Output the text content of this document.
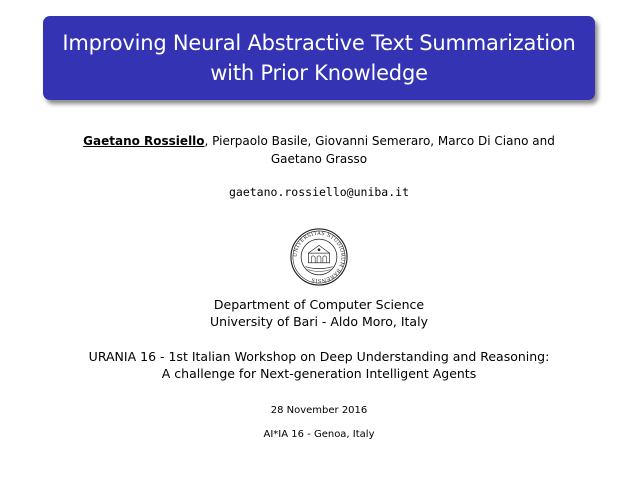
Improving Neural Abstractive Text Summarization
with Prior Knowledge
Gaetano Rossiello, Pierpaolo Basile, Giovanni Semeraro, Marco Di Ciano and
Gaetano Grasso
gaetano.rossiello@uniba.it
UNIVERSITAS STUDIORUM BARENSIS
Department of Computer Science
University of Bari - Aldo Moro, Italy
URANIA 16 - 1st Italian Workshop on Deep Understanding and Reasoning:
A challenge for Next-generation Intelligent Agents
28 November 2016
AI*IA 16 - Genoa, Italy
